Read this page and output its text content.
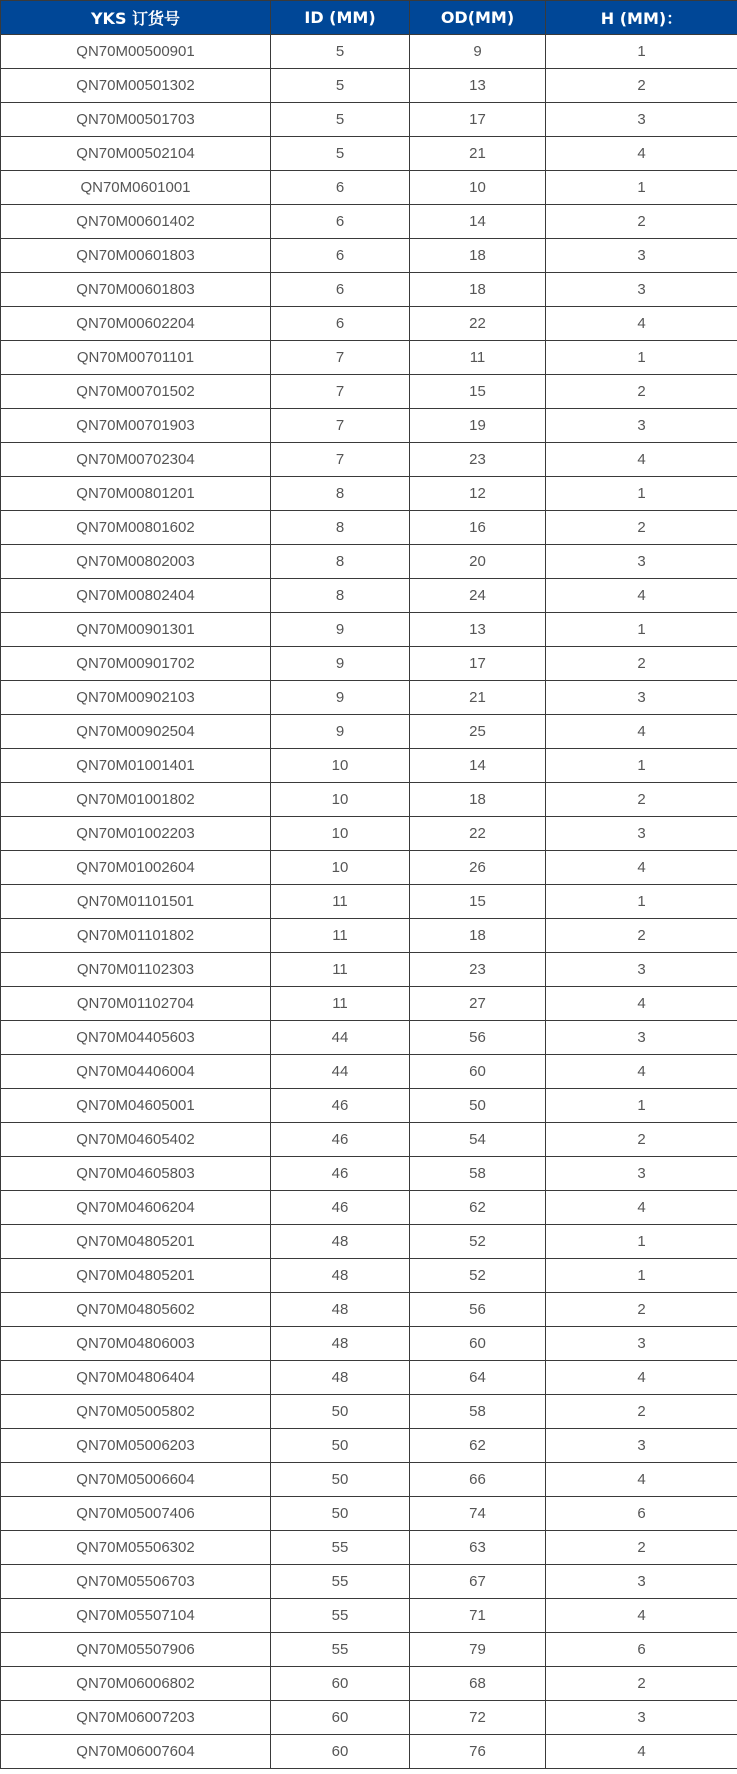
YKS 订货号	ID (MM)	OD(MM)	H (MM)：
QN70M00500901	5	9	1
QN70M00501302	5	13	2
QN70M00501703	5	17	3
QN70M00502104	5	21	4
QN70M0601001	6	10	1
QN70M00601402	6	14	2
QN70M00601803	6	18	3
QN70M00601803	6	18	3
QN70M00602204	6	22	4
QN70M00701101	7	11	1
QN70M00701502	7	15	2
QN70M00701903	7	19	3
QN70M00702304	7	23	4
QN70M00801201	8	12	1
QN70M00801602	8	16	2
QN70M00802003	8	20	3
QN70M00802404	8	24	4
QN70M00901301	9	13	1
QN70M00901702	9	17	2
QN70M00902103	9	21	3
QN70M00902504	9	25	4
QN70M01001401	10	14	1
QN70M01001802	10	18	2
QN70M01002203	10	22	3
QN70M01002604	10	26	4
QN70M01101501	11	15	1
QN70M01101802	11	18	2
QN70M01102303	11	23	3
QN70M01102704	11	27	4
QN70M04405603	44	56	3
QN70M04406004	44	60	4
QN70M04605001	46	50	1
QN70M04605402	46	54	2
QN70M04605803	46	58	3
QN70M04606204	46	62	4
QN70M04805201	48	52	1
QN70M04805201	48	52	1
QN70M04805602	48	56	2
QN70M04806003	48	60	3
QN70M04806404	48	64	4
QN70M05005802	50	58	2
QN70M05006203	50	62	3
QN70M05006604	50	66	4
QN70M05007406	50	74	6
QN70M05506302	55	63	2
QN70M05506703	55	67	3
QN70M05507104	55	71	4
QN70M05507906	55	79	6
QN70M06006802	60	68	2
QN70M06007203	60	72	3
QN70M06007604	60	76	4
